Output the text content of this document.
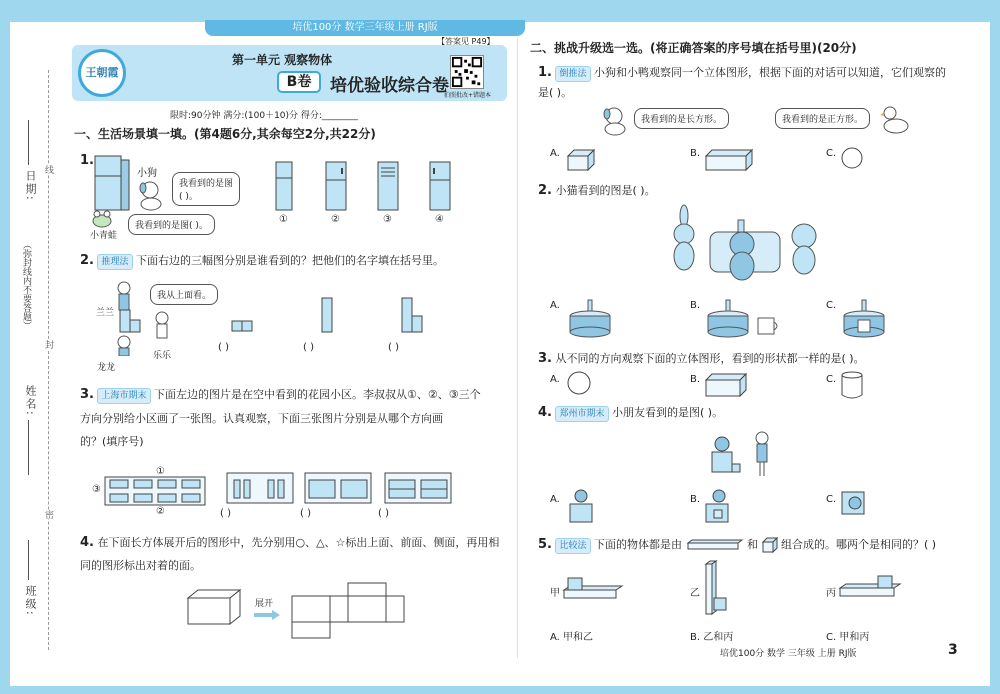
培优100分 数学三年级上册 RJ版
日期:
线
（弥封线内不要答题）
封
姓名:
密
班级:
王朝霞
第一单元 观察物体
B卷	培优验收综合卷
拍照批改+错题本
【答案见 P49】
限时:90分钟 满分:(100＋10)分 得分:________
一、生活场景填一填。(第4题6分,其余每空2分,共22分)
1.
小狗
我看到的是图
( )。
小青蛙
我看到的是图( )。
①	②	③	④
2. 推理法 下面右边的三幅图分别是谁看到的？把他们的名字填在括号里。
兰兰
我从上面看。
乐乐
龙龙
( )	( )	( )
3. 上海市期末 下面左边的图片是在空中看到的花园小区。李叔叔从①、②、③三个

方向分别给小区画了一张图。认真观察，下面三张图片分别是从哪个方向画
的？(填序号)
①
③
②	( )	( )	( )
4. 在下面长方体展开后的图形中，先分别用○、△、☆标出上面、前面、侧面，再用相

同的图形标出对着的面。
展开
二、挑战升级选一选。(将正确答案的序号填在括号里)(20分)
1. 倒推法 小狗和小鸭观察同一个立体图形，根据下面的对话可以知道，它们观察的

是( )。
我看到的是长方形。	我看到的是正方形。
A.	B.	C.
2. 小猫看到的图是( )。
A.	B.	C.
3. 从不同的方向观察下面的立体图形，看到的形状都一样的是( )。
A.	B.	C.
4. 郑州市期末 小朋友看到的是图( )。
A.	B.	C.
5. 比较法 下面的物体都是由	和 组合成的。哪两个是相同的？( )
甲	乙	丙
A. 甲和乙	B. 乙和丙	C. 甲和丙
培优100分 数学 三年级 上册 RJ版	3
